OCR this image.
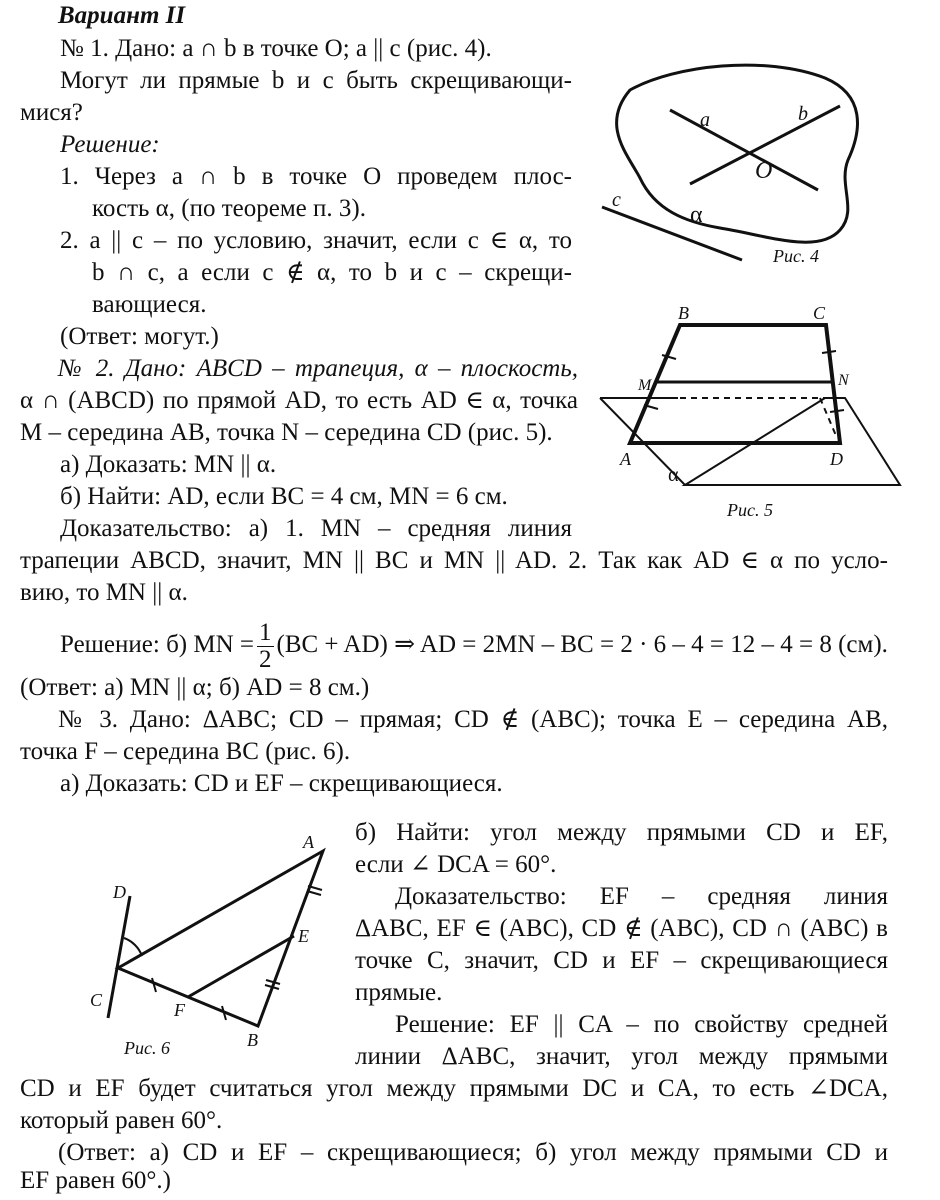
Вариант II
№ 1. Дано: a ∩ b в точке O; a || c (рис. 4).
Могут ли прямые b и c быть скрещивающи-
мися?
Решение:
1. Через a ∩ b в точке O проведем плос-
кость α, (по теореме п. 3).
2. a || c – по условию, значит, если c ∈ α, то
b ∩ c, а если c ∉ α, то b и c – скрещи-
вающиеся.
(Ответ: могут.)
a	b
O
c
α
Рис. 4
B	C
M	N
A	D
α
Рис. 5
№ 2. Дано: ABCD – трапеция, α – плоскость,
α ∩ (ABCD) по прямой AD, то есть AD ∈ α, точка
M – середина AB, точка N – середина CD (рис. 5).
а) Доказать: MN || α.
б) Найти: AD, если BC = 4 см, MN = 6 см.
Доказательство: а) 1. MN – средняя линия
трапеции ABCD, значит, MN || BC и MN || AD. 2. Так как AD ∈ α по усло-
вию, то MN || α.
Решение: б) MN = $\frac{1}{2} (BC + AD)$ ⇒ AD = 2MN – BC = 2 · 6 – 4 = 12 – 4 = 8 (см).
(Ответ: а) MN || α; б) AD = 8 см.)
№ 3. Дано: ΔABC; CD – прямая; CD ∉ (ABC); точка E – середина AB,
точка F – середина BC (рис. 6).
а) Доказать: CD и EF – скрещивающиеся.
A
D
E
C	F
B
Рис. 6
б) Найти: угол между прямыми CD и EF,
если ∠ DCA = 60°.
Доказательство: EF – средняя линия
ΔABC, EF ∈ (ABC), CD ∉ (ABC), CD ∩ (ABC) в
точке C, значит, CD и EF – скрещивающиеся
прямые.
Решение: EF || CA – по свойству средней
линии ΔABC, значит, угол между прямыми
CD и EF будет считаться угол между прямыми DC и CA, то есть ∠DCA,
который равен 60°.
(Ответ: а) CD и EF – скрещивающиеся; б) угол между прямыми CD и
EF равен 60°.)
